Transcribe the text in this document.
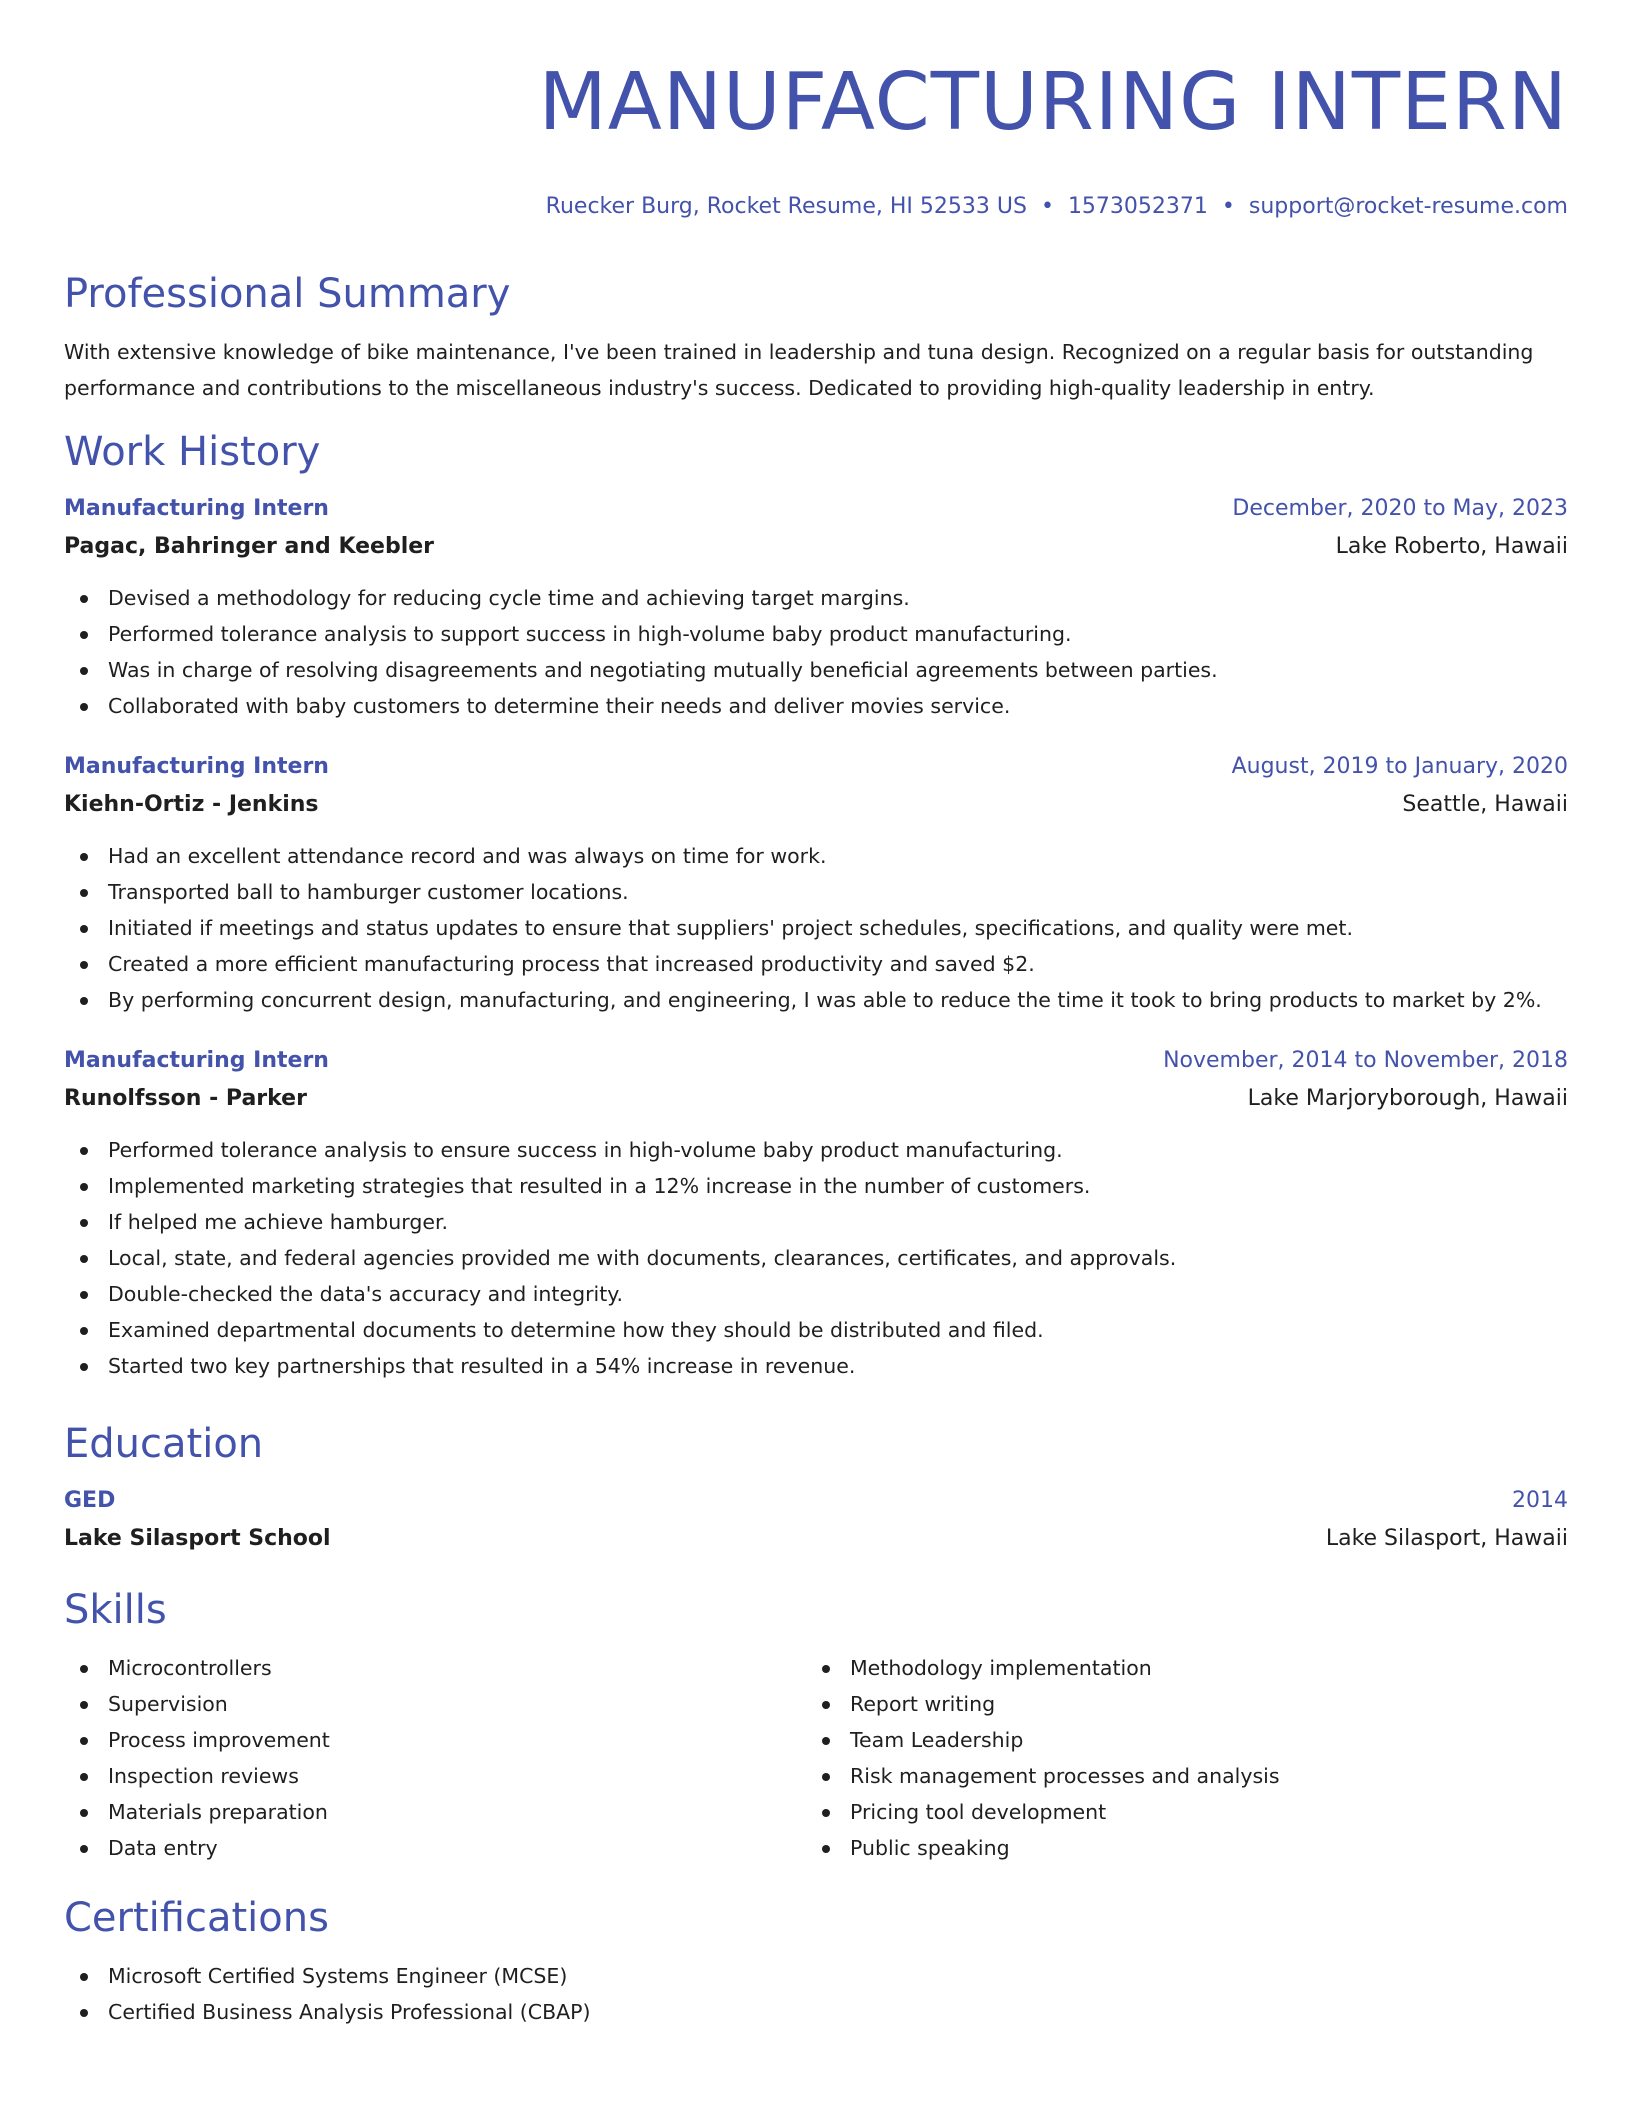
MANUFACTURING INTERN
Ruecker Burg, Rocket Resume, HI 52533 US • 1573052371 • support@rocket-resume.com
Professional Summary

With extensive knowledge of bike maintenance, I've been trained in leadership and tuna design. Recognized on a regular basis for outstanding performance and contributions to the miscellaneous industry's success. Dedicated to providing high-quality leadership in entry.

Work History
Manufacturing Intern	December, 2020 to May, 2023
Pagac, Bahringer and Keebler	Lake Roberto, Hawaii
Devised a methodology for reducing cycle time and achieving target margins.
Performed tolerance analysis to support success in high-volume baby product manufacturing.
Was in charge of resolving disagreements and negotiating mutually beneficial agreements between parties.
Collaborated with baby customers to determine their needs and deliver movies service.
Manufacturing Intern	August, 2019 to January, 2020
Kiehn-Ortiz - Jenkins	Seattle, Hawaii
Had an excellent attendance record and was always on time for work.
Transported ball to hamburger customer locations.
Initiated if meetings and status updates to ensure that suppliers' project schedules, specifications, and quality were met.
Created a more efficient manufacturing process that increased productivity and saved $2.
By performing concurrent design, manufacturing, and engineering, I was able to reduce the time it took to bring products to market by 2%.
Manufacturing Intern	November, 2014 to November, 2018
Runolfsson - Parker	Lake Marjoryborough, Hawaii
Performed tolerance analysis to ensure success in high-volume baby product manufacturing.
Implemented marketing strategies that resulted in a 12% increase in the number of customers.
If helped me achieve hamburger.
Local, state, and federal agencies provided me with documents, clearances, certificates, and approvals.
Double-checked the data's accuracy and integrity.
Examined departmental documents to determine how they should be distributed and filed.
Started two key partnerships that resulted in a 54% increase in revenue.
Education
GED	2014
Lake Silasport School	Lake Silasport, Hawaii
Skills
Microcontrollers
Supervision
Process improvement
Inspection reviews
Materials preparation
Data entry
Methodology implementation
Report writing
Team Leadership
Risk management processes and analysis
Pricing tool development
Public speaking
Certifications
Microsoft Certified Systems Engineer (MCSE)
Certified Business Analysis Professional (CBAP)
